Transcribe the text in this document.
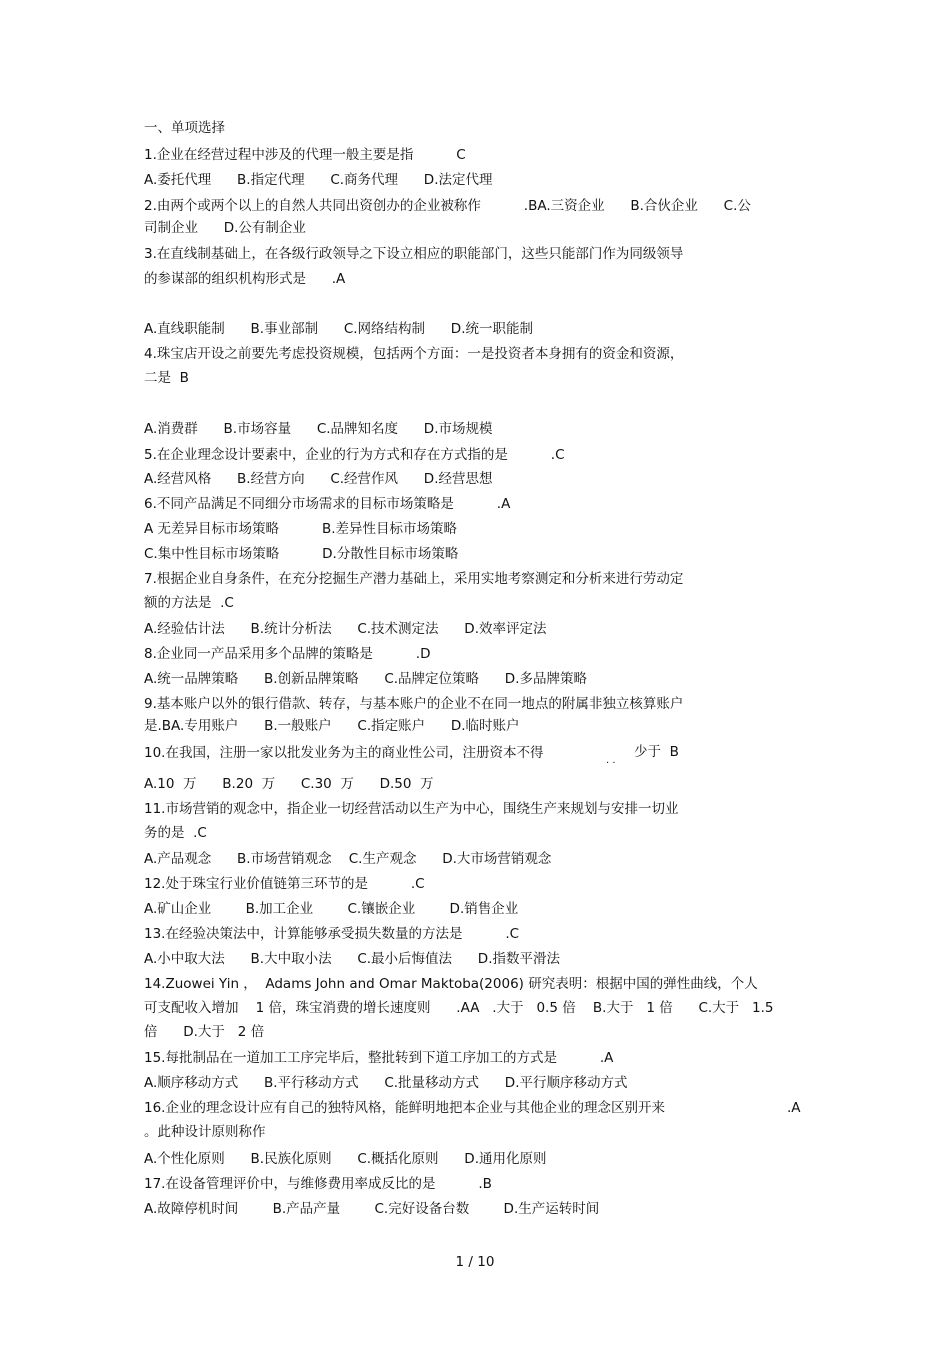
一、单项选择
1.企业在经营过程中涉及的代理一般主要是指          C
A.委托代理      B.指定代理      C.商务代理      D.法定代理
2.由两个或两个以上的自然人共同出资创办的企业被称作          .BA.三资企业      B.合伙企业      C.公
司制企业      D.公有制企业
3.在直线制基础上，在各级行政领导之下设立相应的职能部门，这些只能部门作为同级领导
的参谋部的组织机构形式是      .A
A.直线职能制      B.事业部制      C.网络结构制      D.统一职能制
4.珠宝店开设之前要先考虑投资规模，包括两个方面：一是投资者本身拥有的资金和资源，
二是  B
A.消费群      B.市场容量      C.品牌知名度      D.市场规模
5.在企业理念设计要素中，企业的行为方式和存在方式指的是          .C
A.经营风格      B.经营方向      C.经营作风      D.经营思想
6.不同产品满足不同细分市场需求的目标市场策略是          .A
A 无差异目标市场策略          B.差异性目标市场策略
C.集中性目标市场策略          D.分散性目标市场策略
7.根据企业自身条件，在充分挖掘生产潜力基础上，采用实地考察测定和分析来进行劳动定
额的方法是  .C
A.经验估计法      B.统计分析法      C.技术测定法      D.效率评定法
8.企业同一产品采用多个品牌的策略是          .D
A.统一品牌策略      B.创新品牌策略      C.品牌定位策略      D.多品牌策略
9.基本账户以外的银行借款、转存，与基本账户的企业不在同一地点的附属非独立核算账户
是.BA.专用账户      B.一般账户      C.指定账户      D.临时账户
10.在我国，注册一家以批发业务为主的商业性公司，注册资本不得	少于  B
. .
A.10  万      B.20  万      C.30  万      D.50  万
11.市场营销的观念中，指企业一切经营活动以生产为中心，围绕生产来规划与安排一切业
务的是  .C
A.产品观念      B.市场营销观念    C.生产观念      D.大市场营销观念
12.处于珠宝行业价值链第三环节的是          .C
A.矿山企业        B.加工企业        C.镶嵌企业        D.销售企业
13.在经验决策法中，计算能够承受损失数量的方法是          .C
A.小中取大法      B.大中取小法      C.最小后悔值法      D.指数平滑法
14.Zuowei Yin ，  Adams John and Omar Maktoba(2006) 研究表明：根据中国的弹性曲线，个人
可支配收入增加    1 倍，珠宝消费的增长速度则      .AA   .大于   0.5 倍    B.大于   1 倍      C.大于   1.5
倍      D.大于   2 倍
15.每批制品在一道加工工序完毕后，整批转到下道工序加工的方式是          .A
A.顺序移动方式      B.平行移动方式      C.批量移动方式      D.平行顺序移动方式
16.企业的理念设计应有自己的独特风格，能鲜明地把本企业与其他企业的理念区别开来	.A
。此种设计原则称作
A.个性化原则      B.民族化原则      C.概括化原则      D.通用化原则
17.在设备管理评价中，与维修费用率成反比的是          .B
A.故障停机时间        B.产品产量        C.完好设备台数        D.生产运转时间
1 / 10
